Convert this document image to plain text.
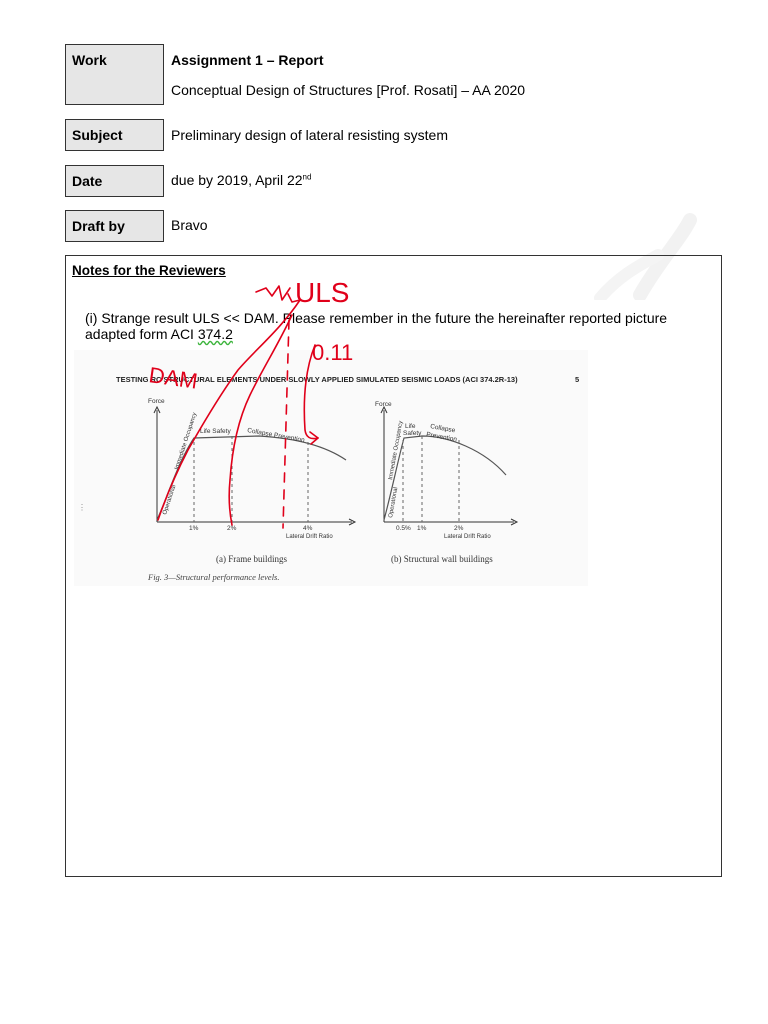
Work	Assignment 1 – Report
Conceptual Design of Structures [Prof. Rosati] – AA 2020
Subject	Preliminary design of lateral resisting system
Date	due by 2019, April 22nd
Draft by	Bravo
Notes for the Reviewers
(i) Strange result ULS << DAM. Please remember in the future the hereinafter reported picture
adapted form ACI 374.2
TESTING RC STRUCTURAL ELEMENTS UNDER SLOWLY APPLIED SIMULATED SEISMIC LOADS (ACI 374.2R-13)	5
⋮
Force
Life Safety Collapse Prevention
Immediate Occupancy
Operational
1%	2%	4%
Lateral Drift Ratio
(a) Frame buildings
Force
Life
Safety Collapse
Prevention
Immediate Occupancy
Operational
0.5% 1%	2%
Lateral Drift Ratio
(b) Structural wall buildings
Fig. 3—Structural performance levels.
ULS
DAM
0.11
